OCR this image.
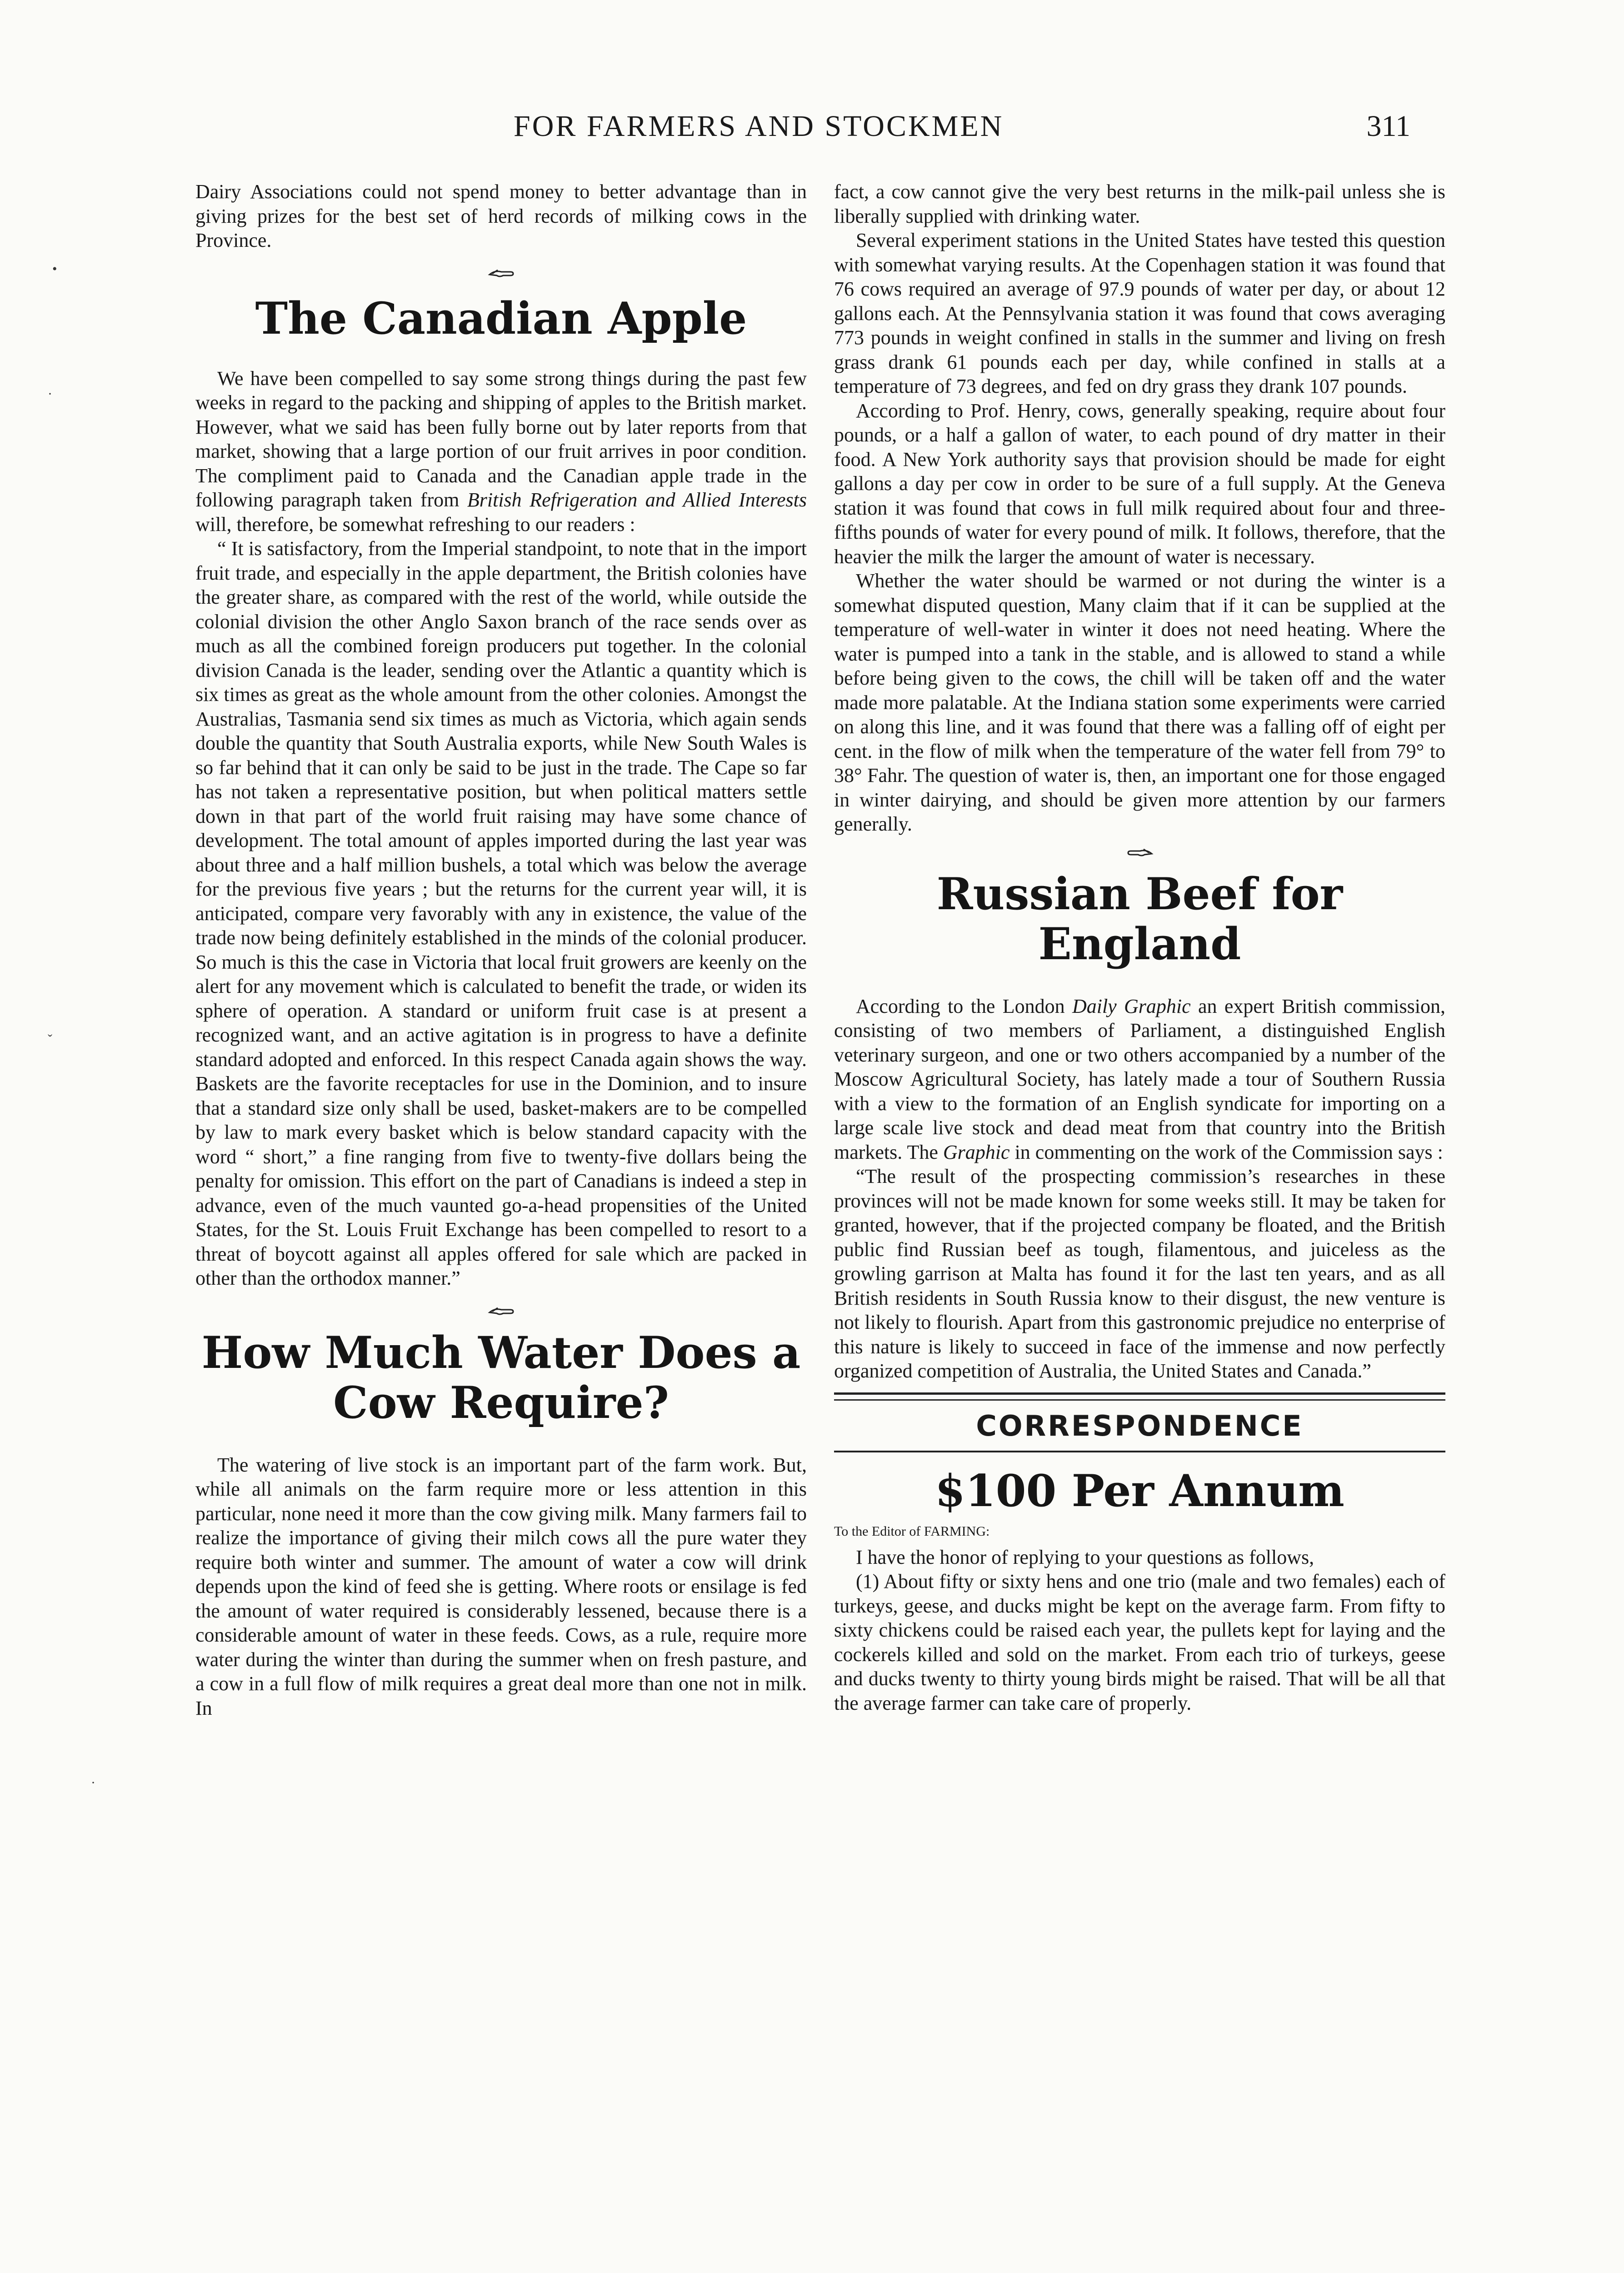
FOR FARMERS AND STOCKMEN	311
•
·
ˇ
·

Dairy Associations could not spend money to better advantage than in giving prizes for the best set of herd records of milking cows in the Province.

The Canadian Apple

We have been compelled to say some strong things during the past few weeks in regard to the packing and shipping of apples to the British market. However, what we said has been fully borne out by later reports from that market, showing that a large portion of our fruit arrives in poor condition. The compliment paid to Canada and the Canadian apple trade in the following paragraph taken from British Refrigeration and Allied Interests will, therefore, be somewhat refreshing to our readers :

“ It is satisfactory, from the Imperial standpoint, to note that in the import fruit trade, and especially in the apple department, the British colonies have the greater share, as compared with the rest of the world, while outside the colonial division the other Anglo Saxon branch of the race sends over as much as all the combined foreign producers put together. In the colonial division Canada is the leader, sending over the Atlantic a quantity which is six times as great as the whole amount from the other colonies. Amongst the Australias, Tasmania send six times as much as Victoria, which again sends double the quantity that South Australia exports, while New South Wales is so far behind that it can only be said to be just in the trade. The Cape so far has not taken a representative position, but when political matters settle down in that part of the world fruit raising may have some chance of development. The total amount of apples imported during the last year was about three and a half million bushels, a total which was below the average for the previous five years ; but the returns for the current year will, it is anticipated, compare very favorably with any in existence, the value of the trade now being definitely established in the minds of the colonial producer. So much is this the case in Victoria that local fruit growers are keenly on the alert for any movement which is calculated to benefit the trade, or widen its sphere of operation. A standard or uniform fruit case is at present a recognized want, and an active agitation is in progress to have a definite standard adopted and enforced. In this respect Canada again shows the way. Baskets are the favorite receptacles for use in the Dominion, and to insure that a standard size only shall be used, basket-makers are to be compelled by law to mark every basket which is below standard capacity with the word “ short,” a fine ranging from five to twenty-five dollars being the penalty for omission. This effort on the part of Canadians is indeed a step in advance, even of the much vaunted go-a-head propensities of the United States, for the St. Louis Fruit Exchange has been compelled to resort to a threat of boycott against all apples offered for sale which are packed in other than the orthodox manner.”

How Much Water Does a Cow Require?

The watering of live stock is an important part of the farm work. But, while all animals on the farm require more or less attention in this particular, none need it more than the cow giving milk. Many farmers fail to realize the importance of giving their milch cows all the pure water they require both winter and summer. The amount of water a cow will drink depends upon the kind of feed she is getting. Where roots or ensilage is fed the amount of water required is considerably lessened, because there is a considerable amount of water in these feeds. Cows, as a rule, require more water during the winter than during the summer when on fresh pasture, and a cow in a full flow of milk requires a great deal more than one not in milk. In

fact, a cow cannot give the very best returns in the milk-pail unless she is liberally supplied with drinking water.

Several experiment stations in the United States have tested this question with somewhat varying results. At the Copenhagen station it was found that 76 cows required an average of 97.9 pounds of water per day, or about 12 gallons each. At the Pennsylvania station it was found that cows averaging 773 pounds in weight confined in stalls in the summer and living on fresh grass drank 61 pounds each per day, while confined in stalls at a temperature of 73 degrees, and fed on dry grass they drank 107 pounds.

According to Prof. Henry, cows, generally speaking, require about four pounds, or a half a gallon of water, to each pound of dry matter in their food. A New York authority says that provision should be made for eight gallons a day per cow in order to be sure of a full supply. At the Geneva station it was found that cows in full milk required about four and three-fifths pounds of water for every pound of milk. It follows, therefore, that the heavier the milk the larger the amount of water is necessary.

Whether the water should be warmed or not during the winter is a somewhat disputed question, Many claim that if it can be supplied at the temperature of well-water in winter it does not need heating. Where the water is pumped into a tank in the stable, and is allowed to stand a while before being given to the cows, the chill will be taken off and the water made more palatable. At the Indiana station some experiments were carried on along this line, and it was found that there was a falling off of eight per cent. in the flow of milk when the temperature of the water fell from 79° to 38° Fahr. The question of water is, then, an important one for those engaged in winter dairying, and should be given more attention by our farmers generally.

Russian Beef for England

According to the London Daily Graphic an expert British commission, consisting of two members of Parliament, a distinguished English veterinary surgeon, and one or two others accompanied by a number of the Moscow Agricultural Society, has lately made a tour of Southern Russia with a view to the formation of an English syndicate for importing on a large scale live stock and dead meat from that country into the British markets. The Graphic in commenting on the work of the Commission says :

“The result of the prospecting commission’s researches in these provinces will not be made known for some weeks still. It may be taken for granted, however, that if the projected company be floated, and the British public find Russian beef as tough, filamentous, and juiceless as the growling garrison at Malta has found it for the last ten years, and as all British residents in South Russia know to their disgust, the new venture is not likely to flourish. Apart from this gastronomic prejudice no enterprise of this nature is likely to succeed in face of the immense and now perfectly organized competition of Australia, the United States and Canada.”

CORRESPONDENCE
$100 Per Annum

To the Editor of FARMING:

I have the honor of replying to your questions as follows,

(1) About fifty or sixty hens and one trio (male and two females) each of turkeys, geese, and ducks might be kept on the average farm. From fifty to sixty chickens could be raised each year, the pullets kept for laying and the cockerels killed and sold on the market. From each trio of turkeys, geese and ducks twenty to thirty young birds might be raised. That will be all that the average farmer can take care of properly.
